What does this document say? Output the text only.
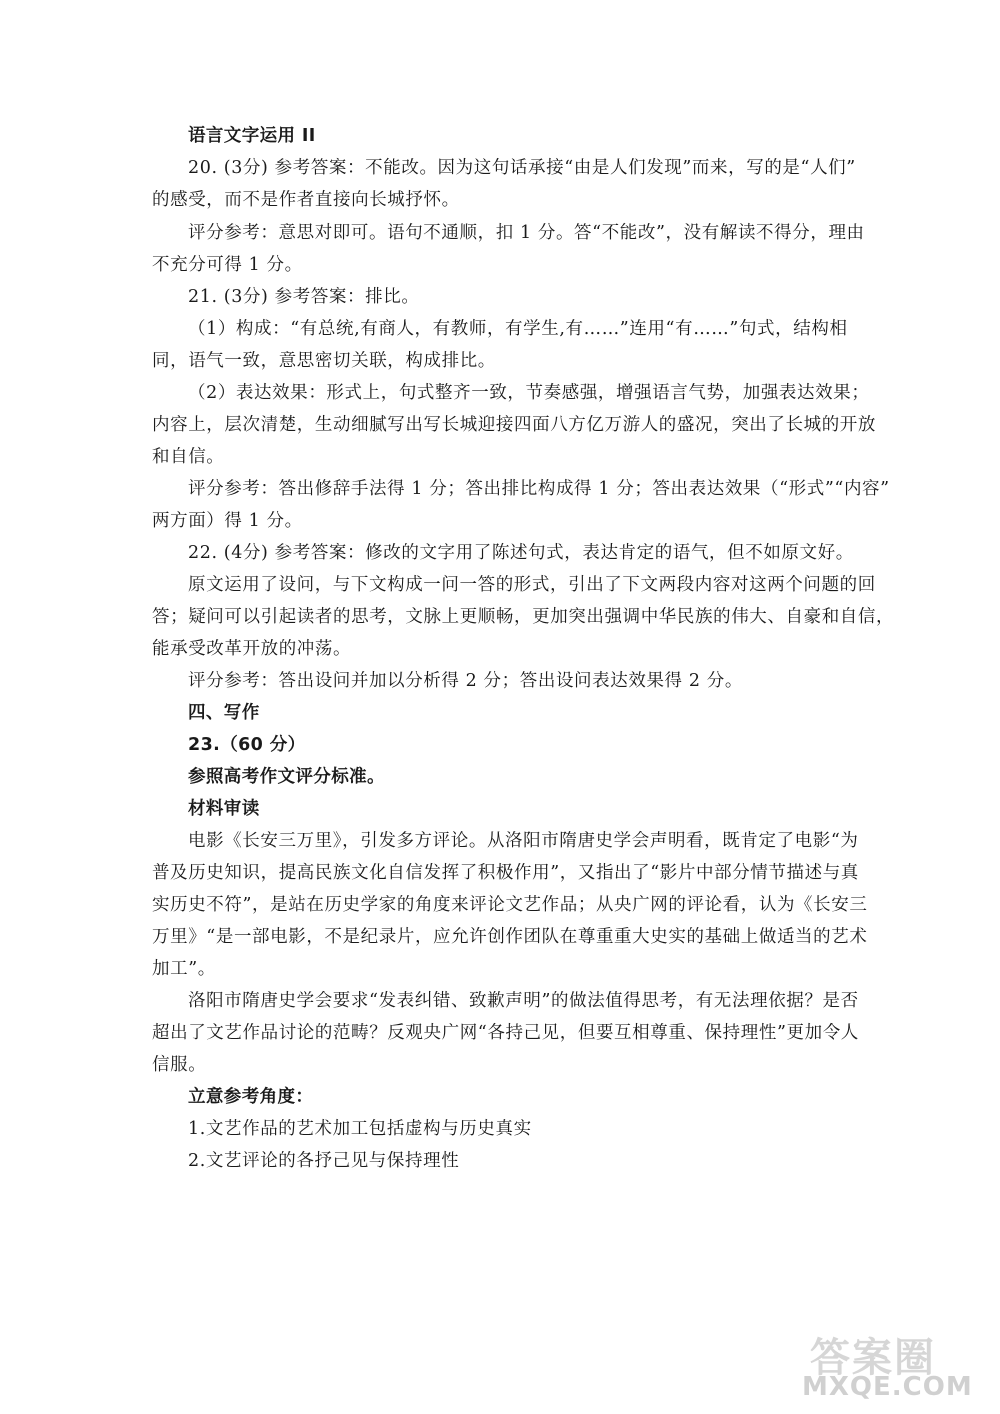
语言文字运用 II
20. (3分) 参考答案：不能改。因为这句话承接“由是人们发现”而来，写的是“人们”
的感受，而不是作者直接向长城抒怀。
评分参考：意思对即可。语句不通顺，扣 1 分。答“不能改”，没有解读不得分，理由
不充分可得 1 分。
21. (3分) 参考答案：排比。
（1）构成：“有总统,有商人，有教师，有学生,有……”连用“有……”句式，结构相
同，语气一致，意思密切关联，构成排比。
（2）表达效果：形式上，句式整齐一致，节奏感强，增强语言气势，加强表达效果；
内容上，层次清楚，生动细腻写出写长城迎接四面八方亿万游人的盛况，突出了长城的开放
和自信。
评分参考：答出修辞手法得 1 分；答出排比构成得 1 分；答出表达效果（“形式”“内容”
两方面）得 1 分。
22. (4分) 参考答案：修改的文字用了陈述句式，表达肯定的语气，但不如原文好。
原文运用了设问，与下文构成一问一答的形式，引出了下文两段内容对这两个问题的回
答；疑问可以引起读者的思考，文脉上更顺畅，更加突出强调中华民族的伟大、自豪和自信，
能承受改革开放的冲荡。
评分参考：答出设问并加以分析得 2 分；答出设问表达效果得 2 分。
四、写作
23.（60 分）
参照高考作文评分标准。
材料审读
电影《长安三万里》，引发多方评论。从洛阳市隋唐史学会声明看，既肯定了电影“为
普及历史知识，提高民族文化自信发挥了积极作用”，又指出了“影片中部分情节描述与真
实历史不符”，是站在历史学家的角度来评论文艺作品；从央广网的评论看，认为《长安三
万里》“是一部电影，不是纪录片，应允许创作团队在尊重重大史实的基础上做适当的艺术
加工”。
洛阳市隋唐史学会要求“发表纠错、致歉声明”的做法值得思考，有无法理依据？是否
超出了文艺作品讨论的范畴？反观央广网“各持己见，但要互相尊重、保持理性”更加令人
信服。
立意参考角度：
1.文艺作品的艺术加工包括虚构与历史真实
2.文艺评论的各抒己见与保持理性
答案圈
MXQE.COM
